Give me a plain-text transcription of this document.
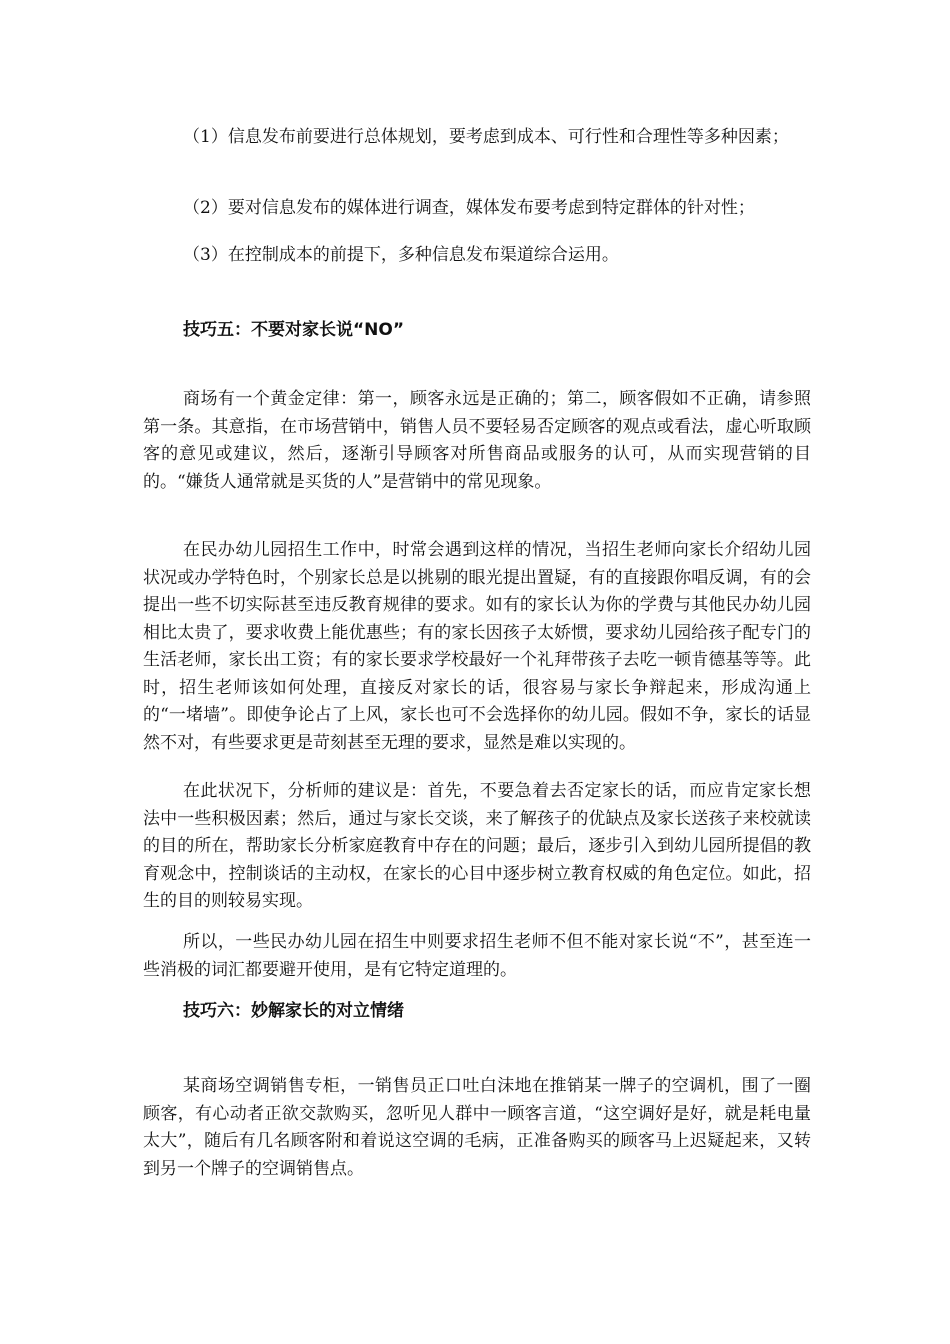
（1）信息发布前要进行总体规划，要考虑到成本、可行性和合理性等多种因素；

（2）要对信息发布的媒体进行调查，媒体发布要考虑到特定群体的针对性；

（3）在控制成本的前提下，多种信息发布渠道综合运用。

技巧五：不要对家长说“NO”

商场有一个黄金定律：第一，顾客永远是正确的；第二，顾客假如不正确，请参照第一条。其意指，在市场营销中，销售人员不要轻易否定顾客的观点或看法，虚心听取顾客的意见或建议，然后，逐渐引导顾客对所售商品或服务的认可，从而实现营销的目的。“嫌货人通常就是买货的人”是营销中的常见现象。

在民办幼儿园招生工作中，时常会遇到这样的情况，当招生老师向家长介绍幼儿园状况或办学特色时，个别家长总是以挑剔的眼光提出置疑，有的直接跟你唱反调，有的会提出一些不切实际甚至违反教育规律的要求。如有的家长认为你的学费与其他民办幼儿园相比太贵了，要求收费上能优惠些；有的家长因孩子太娇惯，要求幼儿园给孩子配专门的生活老师，家长出工资；有的家长要求学校最好一个礼拜带孩子去吃一顿肯德基等等。此时，招生老师该如何处理，直接反对家长的话，很容易与家长争辩起来，形成沟通上的“一堵墙”。即使争论占了上风，家长也可不会选择你的幼儿园。假如不争，家长的话显然不对，有些要求更是苛刻甚至无理的要求，显然是难以实现的。

在此状况下，分析师的建议是：首先，不要急着去否定家长的话，而应肯定家长想法中一些积极因素；然后，通过与家长交谈，来了解孩子的优缺点及家长送孩子来校就读的目的所在，帮助家长分析家庭教育中存在的问题；最后，逐步引入到幼儿园所提倡的教育观念中，控制谈话的主动权，在家长的心目中逐步树立教育权威的角色定位。如此，招生的目的则较易实现。

所以，一些民办幼儿园在招生中则要求招生老师不但不能对家长说“不”，甚至连一些消极的词汇都要避开使用，是有它特定道理的。

技巧六：妙解家长的对立情绪

某商场空调销售专柜，一销售员正口吐白沫地在推销某一牌子的空调机，围了一圈顾客，有心动者正欲交款购买，忽听见人群中一顾客言道，“这空调好是好，就是耗电量太大”，随后有几名顾客附和着说这空调的毛病，正准备购买的顾客马上迟疑起来，又转到另一个牌子的空调销售点。
